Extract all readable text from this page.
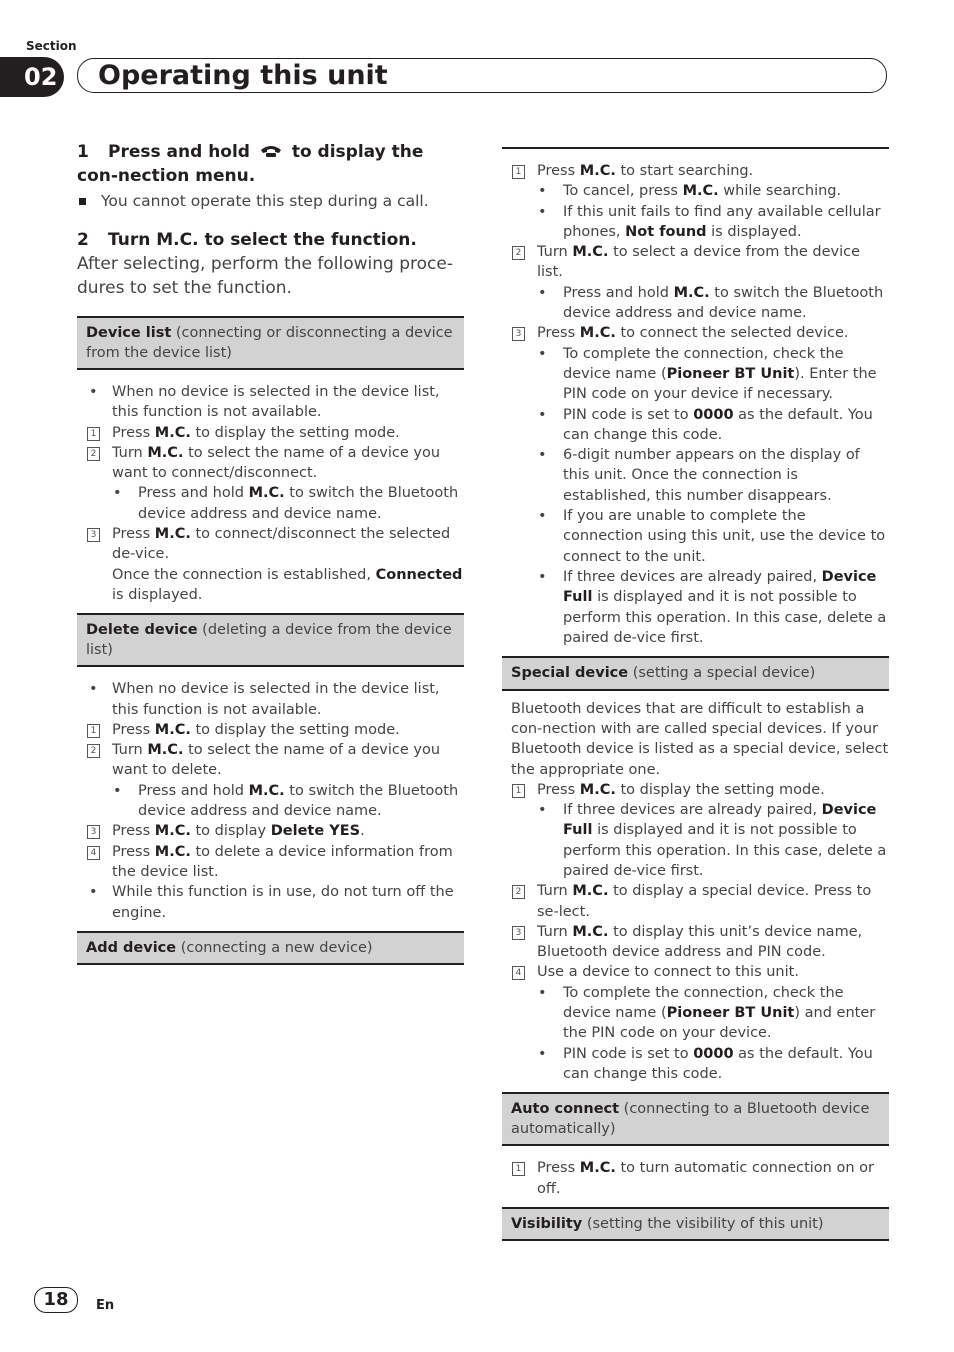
Section
02 Operating this unit

1 Press and hold to display the con-nection menu.

You cannot operate this step during a call.

2 Turn M.C. to select the function.

After selecting, perform the following proce-dures to set the function.

Device list (connecting or disconnecting a device from the device list)

• When no device is selected in the device list, this function is not available.

1 Press M.C. to display the setting mode.

2 Turn M.C. to select the name of a device you want to connect/disconnect.

• Press and hold M.C. to switch the Bluetooth device address and device name.

3 Press M.C. to connect/disconnect the selected de-vice.

Once the connection is established, Connected is displayed.

Delete device (deleting a device from the device list)

• When no device is selected in the device list, this function is not available.

1 Press M.C. to display the setting mode.

2 Turn M.C. to select the name of a device you want to delete.

• Press and hold M.C. to switch the Bluetooth device address and device name.

3 Press M.C. to display Delete YES.

4 Press M.C. to delete a device information from the device list.

• While this function is in use, do not turn off the engine.

Add device (connecting a new device)

1 Press M.C. to start searching.

• To cancel, press M.C. while searching.

• If this unit fails to find any available cellular phones, Not found is displayed.

2 Turn M.C. to select a device from the device list.

• Press and hold M.C. to switch the Bluetooth device address and device name.

3 Press M.C. to connect the selected device.

• To complete the connection, check the device name (Pioneer BT Unit). Enter the PIN code on your device if necessary.

• PIN code is set to 0000 as the default. You can change this code.

• 6-digit number appears on the display of this unit. Once the connection is established, this number disappears.

• If you are unable to complete the connection using this unit, use the device to connect to the unit.

• If three devices are already paired, Device Full is displayed and it is not possible to perform this operation. In this case, delete a paired de-vice first.

Special device (setting a special device)

Bluetooth devices that are difficult to establish a con-nection with are called special devices. If your Bluetooth device is listed as a special device, select the appropriate one.

1 Press M.C. to display the setting mode.

• If three devices are already paired, Device Full is displayed and it is not possible to perform this operation. In this case, delete a paired de-vice first.

2 Turn M.C. to display a special device. Press to se-lect.

3 Turn M.C. to display this unit’s device name, Bluetooth device address and PIN code.

4 Use a device to connect to this unit.

• To complete the connection, check the device name (Pioneer BT Unit) and enter the PIN code on your device.

• PIN code is set to 0000 as the default. You can change this code.

Auto connect (connecting to a Bluetooth device automatically)

1 Press M.C. to turn automatic connection on or off.

Visibility (setting the visibility of this unit)
18	En
